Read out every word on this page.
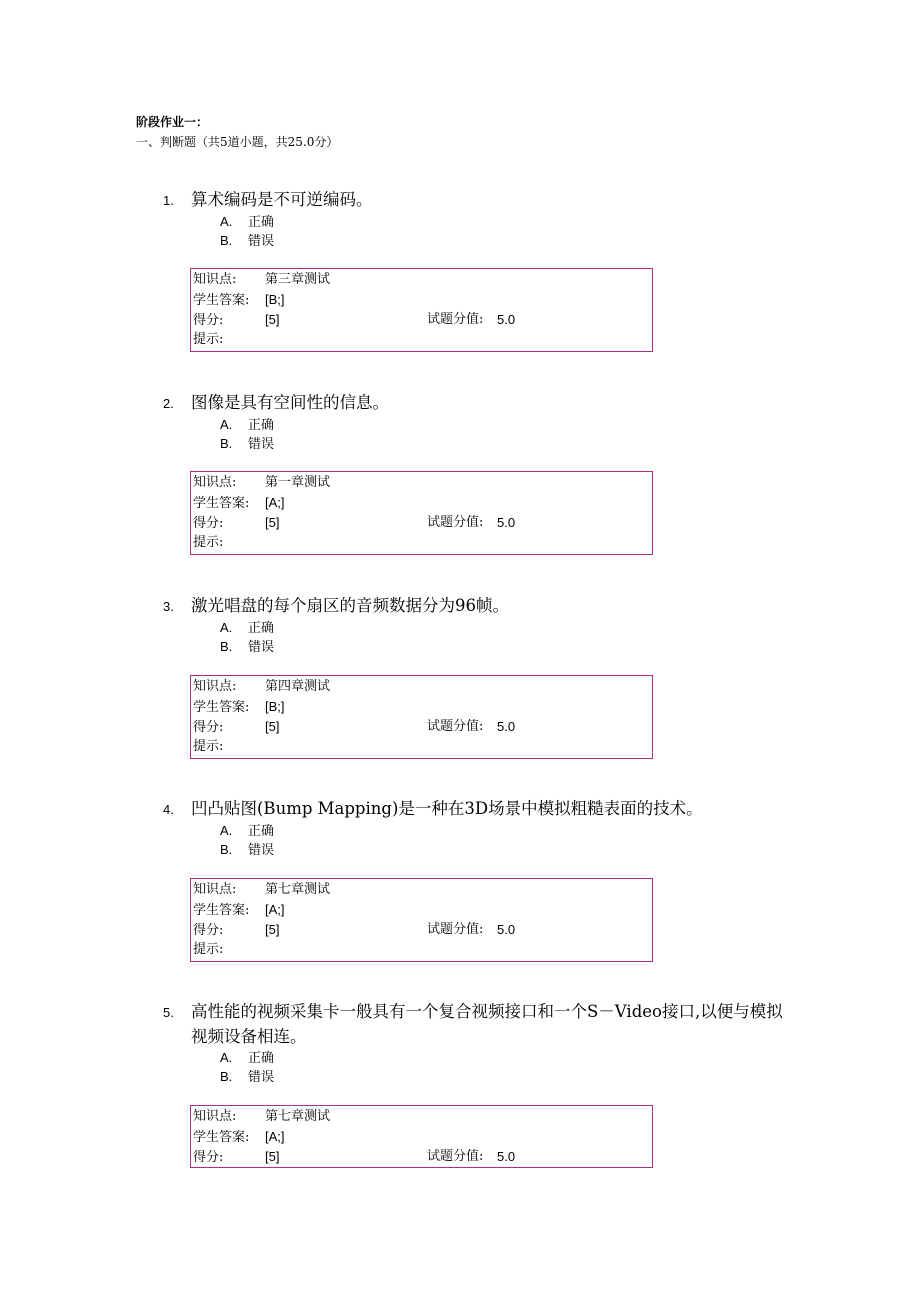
阶段作业一：
一、判断题（共5道小题，共25.0分）
1. 算术编码是不可逆编码。
A. 正确
B. 错误
知识点: 第三章测试
学生答案: [B;]
得分:	[5]	试题分值: 5.0
提示:
2. 图像是具有空间性的信息。
A. 正确
B. 错误
知识点: 第一章测试
学生答案: [A;]
得分:	[5]	试题分值: 5.0
提示:
3. 激光唱盘的每个扇区的音频数据分为96帧。
A. 正确
B. 错误
知识点: 第四章测试
学生答案: [B;]
得分:	[5]	试题分值: 5.0
提示:
4. 凹凸贴图(Bump Mapping)是一种在3D场景中模拟粗糙表面的技术。
A. 正确
B. 错误
知识点: 第七章测试
学生答案: [A;]
得分:	[5]	试题分值: 5.0
提示:
5. 高性能的视频采集卡一般具有一个复合视频接口和一个S－Video接口,以便与模拟视频设备相连。
A. 正确
B. 错误
知识点: 第七章测试
学生答案: [A;]
得分:	[5]	试题分值: 5.0
